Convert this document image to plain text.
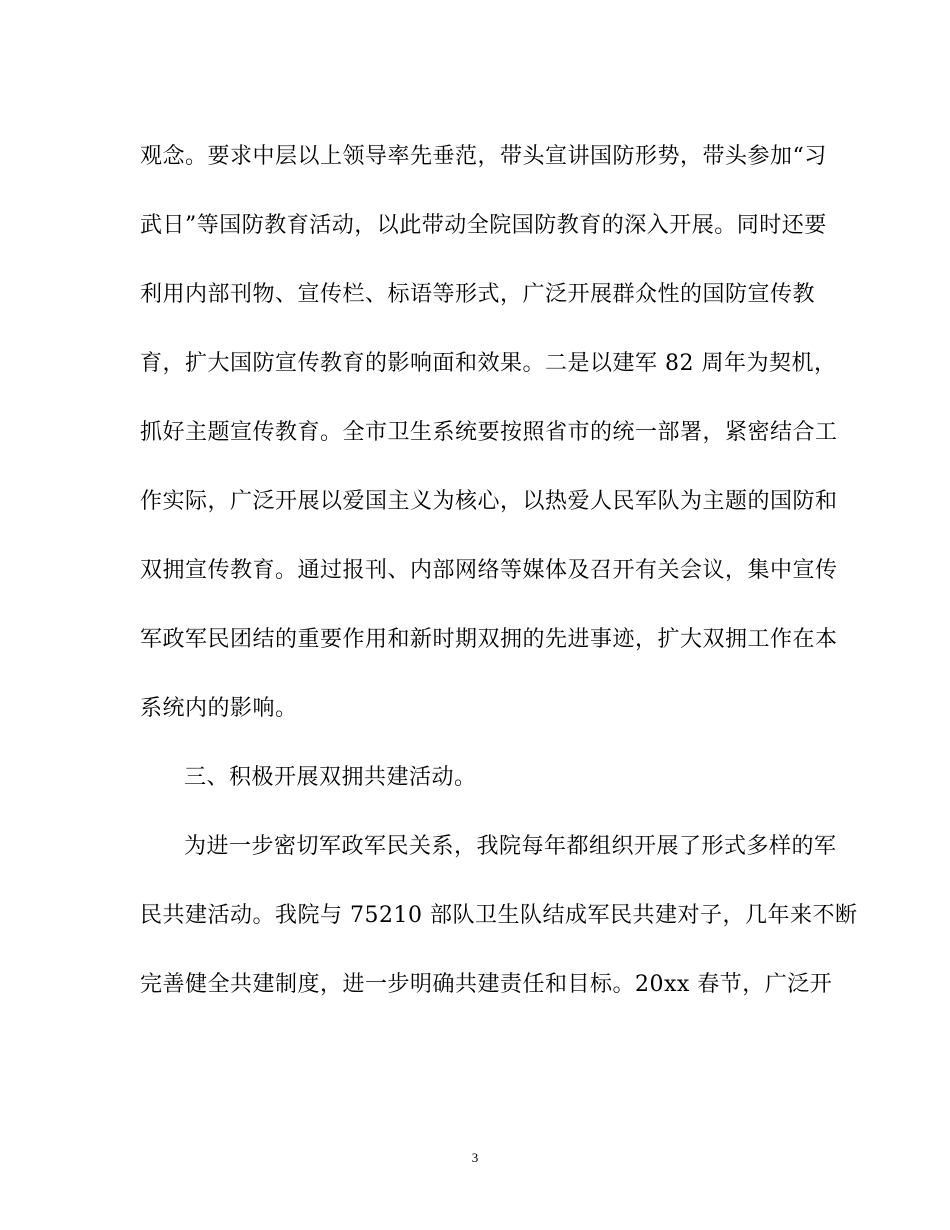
观念。要求中层以上领导率先垂范，带头宣讲国防形势，带头参加“习
武日”等国防教育活动，以此带动全院国防教育的深入开展。同时还要
利用内部刊物、宣传栏、标语等形式，广泛开展群众性的国防宣传教
育，扩大国防宣传教育的影响面和效果。二是以建军 82 周年为契机，
抓好主题宣传教育。全市卫生系统要按照省市的统一部署，紧密结合工
作实际，广泛开展以爱国主义为核心，以热爱人民军队为主题的国防和
双拥宣传教育。通过报刊、内部网络等媒体及召开有关会议，集中宣传
军政军民团结的重要作用和新时期双拥的先进事迹，扩大双拥工作在本
系统内的影响。
三、积极开展双拥共建活动。
为进一步密切军政军民关系，我院每年都组织开展了形式多样的军
民共建活动。我院与 75210 部队卫生队结成军民共建对子，几年来不断
完善健全共建制度，进一步明确共建责任和目标。20xx 春节，广泛开
3
